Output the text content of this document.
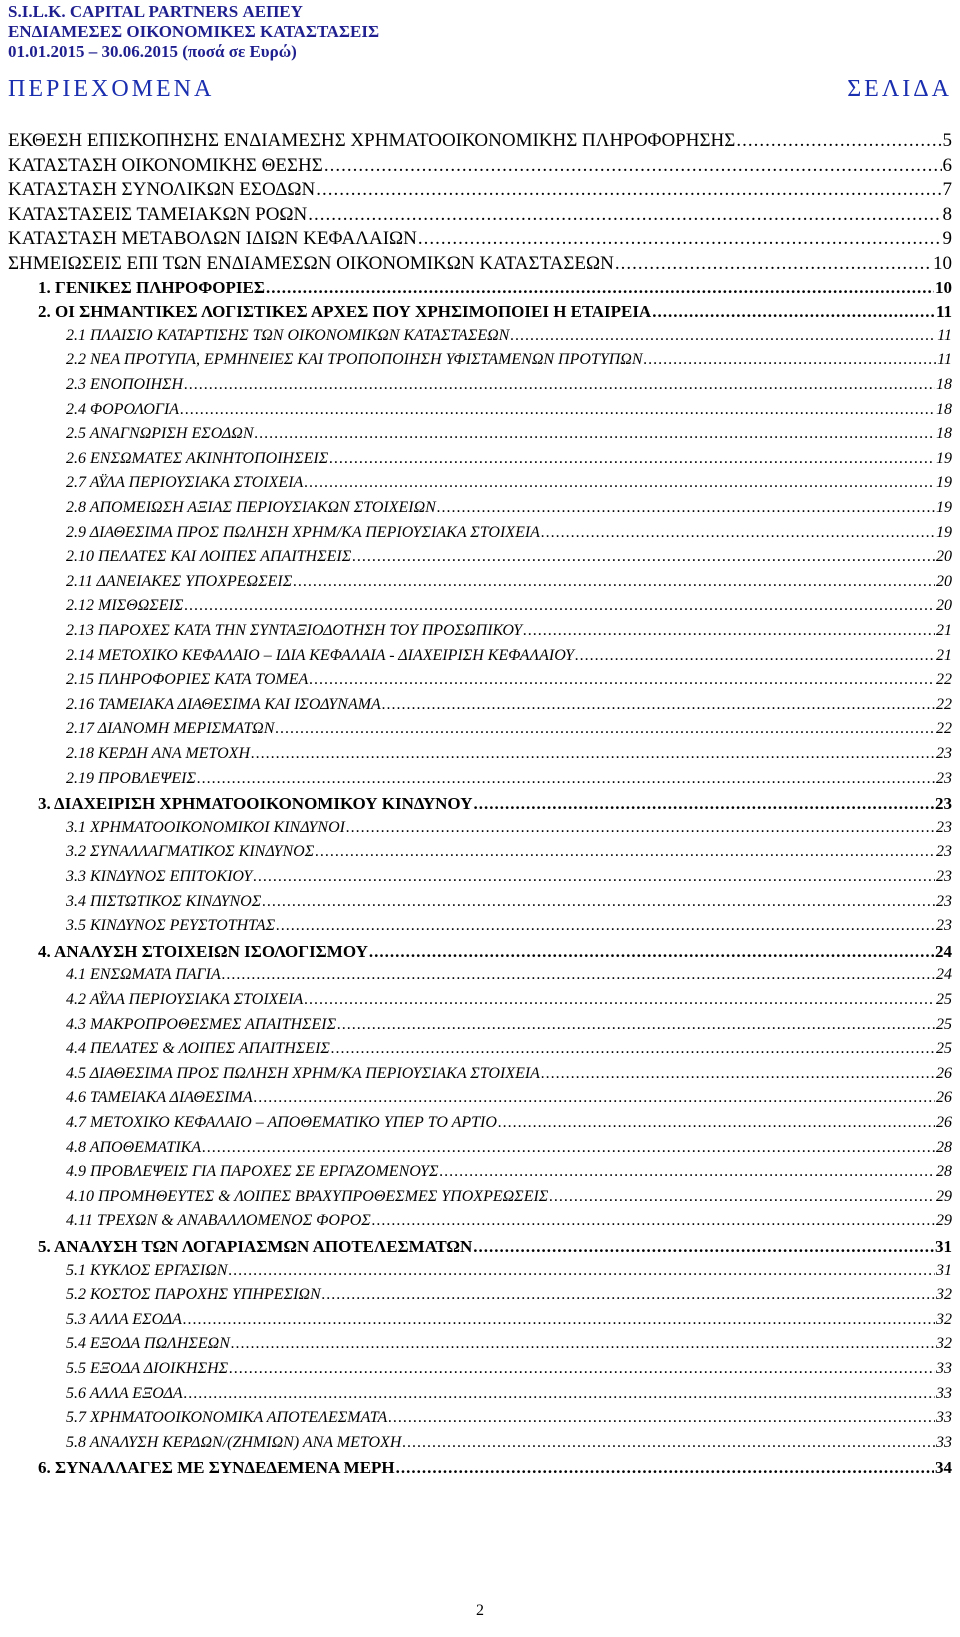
S.I.L.K. CAPITAL PARTNERS ΑΕΠΕΥ
ΕΝΔΙΑΜΕΣΕΣ ΟΙΚΟΝΟΜΙΚΕΣ ΚΑΤΑΣΤΑΣΕΙΣ
01.01.2015 – 30.06.2015 (ποσά σε Ευρώ)
ΠΕΡΙΕΧΟΜΕΝΑ	ΣΕΛΙΔΑ
ΕΚΘΕΣΗ ΕΠΙΣΚΟΠΗΣΗΣ ΕΝΔΙΑΜΕΣΗΣ ΧΡΗΜΑΤΟΟΙΚΟΝΟΜΙΚΗΣ ΠΛΗΡΟΦΟΡΗΣΗΣ .....	5
ΚΑΤΑΣΤΑΣΗ ΟΙΚΟΝΟΜΙΚΗΣ ΘΕΣΗΣ .....	6
ΚΑΤΑΣΤΑΣΗ ΣΥΝΟΛΙΚΩΝ ΕΣΟΔΩΝ .....	7
ΚΑΤΑΣΤΑΣΕΙΣ ΤΑΜΕΙΑΚΩΝ ΡΟΩΝ .....	8
ΚΑΤΑΣΤΑΣΗ ΜΕΤΑΒΟΛΩΝ ΙΔΙΩΝ ΚΕΦΑΛΑΙΩΝ .....	9
ΣΗΜΕΙΩΣΕΙΣ ΕΠΙ ΤΩΝ ΕΝΔΙΑΜΕΣΩΝ ΟΙΚΟΝΟΜΙΚΩΝ ΚΑΤΑΣΤΑΣΕΩΝ .....	10
1. ΓΕΝΙΚΕΣ ΠΛΗΡΟΦΟΡΙΕΣ .....	10
2. ΟΙ ΣΗΜΑΝΤΙΚΕΣ ΛΟΓΙΣΤΙΚΕΣ ΑΡΧΕΣ ΠΟΥ ΧΡΗΣΙΜΟΠΟΙΕΙ Η ΕΤΑΙΡΕΙΑ .....	11
2.1 ΠΛΑΙΣΙΟ ΚΑΤΑΡΤΙΣΗΣ ΤΩΝ ΟΙΚΟΝΟΜΙΚΩΝ ΚΑΤΑΣΤΑΣΕΩΝ .....	11
2.2 ΝΕΑ ΠΡΟΤΥΠΑ, ΕΡΜΗΝΕΙΕΣ ΚΑΙ ΤΡΟΠΟΠΟΙΗΣΗ ΥΦΙΣΤΑΜΕΝΩΝ ΠΡΟΤΥΠΩΝ .....	11
2.3 ΕΝΟΠΟΙΗΣΗ .....	18
2.4 ΦΟΡΟΛΟΓΙΑ .....	18
2.5 ΑΝΑΓΝΩΡΙΣΗ ΕΣΟΔΩΝ .....	18
2.6 ΕΝΣΩΜΑΤΕΣ ΑΚΙΝΗΤΟΠΟΙΗΣΕΙΣ .....	19
2.7 ΑΫΛΑ ΠΕΡΙΟΥΣΙΑΚΑ ΣΤΟΙΧΕΙΑ .....	19
2.8 ΑΠΟΜΕΙΩΣΗ ΑΞΙΑΣ ΠΕΡΙΟΥΣΙΑΚΩΝ ΣΤΟΙΧΕΙΩΝ .....	19
2.9 ΔΙΑΘΕΣΙΜΑ ΠΡΟΣ ΠΩΛΗΣΗ ΧΡΗΜ/ΚΑ ΠΕΡΙΟΥΣΙΑΚΑ ΣΤΟΙΧΕΙΑ .....	19
2.10 ΠΕΛΑΤΕΣ ΚΑΙ ΛΟΙΠΕΣ ΑΠΑΙΤΗΣΕΙΣ .....	20
2.11 ΔΑΝΕΙΑΚΕΣ ΥΠΟΧΡΕΩΣΕΙΣ .....	20
2.12 ΜΙΣΘΩΣΕΙΣ .....	20
2.13 ΠΑΡΟΧΕΣ ΚΑΤΑ ΤΗΝ ΣΥΝΤΑΞΙΟΔΟΤΗΣΗ ΤΟΥ ΠΡΟΣΩΠΙΚΟΥ .....	21
2.14 ΜΕΤΟΧΙΚΟ ΚΕΦΑΛΑΙΟ – ΙΔΙΑ ΚΕΦΑΛΑΙΑ - ΔΙΑΧΕΙΡΙΣΗ ΚΕΦΑΛΑΙΟΥ .....	21
2.15 ΠΛΗΡΟΦΟΡΙΕΣ ΚΑΤΑ ΤΟΜΕΑ .....	22
2.16 ΤΑΜΕΙΑΚΑ ΔΙΑΘΕΣΙΜΑ ΚΑΙ ΙΣΟΔΥΝΑΜΑ .....	22
2.17 ΔΙΑΝΟΜΗ ΜΕΡΙΣΜΑΤΩΝ .....	22
2.18 ΚΕΡΔΗ ΑΝΑ ΜΕΤΟΧΗ .....	23
2.19 ΠΡΟΒΛΕΨΕΙΣ .....	23
3. ΔΙΑΧΕΙΡΙΣΗ ΧΡΗΜΑΤΟΟΙΚΟΝΟΜΙΚΟΥ ΚΙΝΔΥΝΟΥ .....	23
3.1 ΧΡΗΜΑΤΟΟΙΚΟΝΟΜΙΚΟΙ ΚΙΝΔΥΝΟΙ .....	23
3.2 ΣΥΝΑΛΛΑΓΜΑΤΙΚΟΣ ΚΙΝΔΥΝΟΣ .....	23
3.3 ΚΙΝΔΥΝΟΣ ΕΠΙΤΟΚΙΟΥ .....	23
3.4 ΠΙΣΤΩΤΙΚΟΣ ΚΙΝΔΥΝΟΣ .....	23
3.5 ΚΙΝΔΥΝΟΣ ΡΕΥΣΤΟΤΗΤΑΣ .....	23
4. ΑΝΑΛΥΣΗ ΣΤΟΙΧΕΙΩΝ ΙΣΟΛΟΓΙΣΜΟΥ .....	24
4.1 ΕΝΣΩΜΑΤΑ ΠΑΓΙΑ .....	24
4.2 ΑΫΛΑ ΠΕΡΙΟΥΣΙΑΚΑ ΣΤΟΙΧΕΙΑ .....	25
4.3 ΜΑΚΡΟΠΡΟΘΕΣΜΕΣ ΑΠΑΙΤΗΣΕΙΣ .....	25
4.4 ΠΕΛΑΤΕΣ & ΛΟΙΠΕΣ ΑΠΑΙΤΗΣΕΙΣ .....	25
4.5 ΔΙΑΘΕΣΙΜΑ ΠΡΟΣ ΠΩΛΗΣΗ ΧΡΗΜ/ΚΑ ΠΕΡΙΟΥΣΙΑΚΑ ΣΤΟΙΧΕΙΑ .....	26
4.6 ΤΑΜΕΙΑΚΑ ΔΙΑΘΕΣΙΜΑ .....	26
4.7 ΜΕΤΟΧΙΚΟ ΚΕΦΑΛΑΙΟ – ΑΠΟΘΕΜΑΤΙΚΟ ΥΠΕΡ ΤΟ ΑΡΤΙΟ .....	26
4.8 ΑΠΟΘΕΜΑΤΙΚΑ .....	28
4.9 ΠΡΟΒΛΕΨΕΙΣ ΓΙΑ ΠΑΡΟΧΕΣ ΣΕ ΕΡΓΑΖΟΜΕΝΟΥΣ .....	28
4.10 ΠΡΟΜΗΘΕΥΤΕΣ & ΛΟΙΠΕΣ ΒΡΑΧΥΠΡΟΘΕΣΜΕΣ ΥΠΟΧΡΕΩΣΕΙΣ .....	29
4.11 ΤΡΕΧΩΝ & ΑΝΑΒΑΛΛΟΜΕΝΟΣ ΦΟΡΟΣ .....	29
5. ΑΝΑΛΥΣΗ ΤΩΝ ΛΟΓΑΡΙΑΣΜΩΝ ΑΠΟΤΕΛΕΣΜΑΤΩΝ .....	31
5.1 ΚΥΚΛΟΣ ΕΡΓΑΣΙΩΝ .....	31
5.2 ΚΟΣΤΟΣ ΠΑΡΟΧΗΣ ΥΠΗΡΕΣΙΩΝ .....	32
5.3 ΑΛΛΑ ΕΣΟΔΑ .....	32
5.4 ΕΞΟΔΑ ΠΩΛΗΣΕΩΝ .....	32
5.5 ΕΞΟΔΑ ΔΙΟΙΚΗΣΗΣ .....	33
5.6 ΑΛΛΑ ΕΞΟΔΑ .....	33
5.7 ΧΡΗΜΑΤΟΟΙΚΟΝΟΜΙΚΑ ΑΠΟΤΕΛΕΣΜΑΤΑ .....	33
5.8 ΑΝΑΛΥΣΗ ΚΕΡΔΩΝ/(ΖΗΜΙΩΝ) ΑΝΑ ΜΕΤΟΧΗ .....	33
6. ΣΥΝΑΛΛΑΓΕΣ ΜΕ ΣΥΝΔΕΔΕΜΕΝΑ ΜΕΡΗ .....	34
2
